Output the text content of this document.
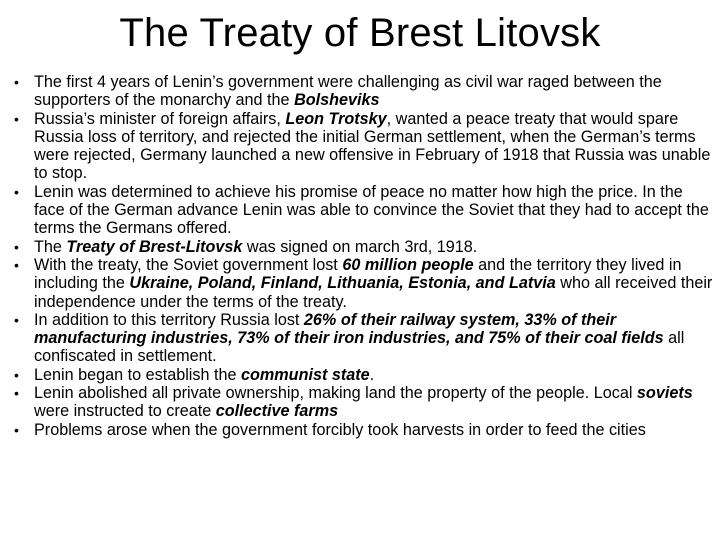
The Treaty of Brest Litovsk
• The first 4 years of Lenin’s government were challenging as civil war raged between the supporters of the monarchy and the Bolsheviks
• Russia’s minister of foreign affairs, Leon Trotsky, wanted a peace treaty that would spare Russia loss of territory, and rejected the initial German settlement, when the German’s terms were rejected, Germany launched a new offensive in February of 1918 that Russia was unable to stop.
• Lenin was determined to achieve his promise of peace no matter how high the price. In the face of the German advance Lenin was able to convince the Soviet that they had to accept the terms the Germans offered.
• The Treaty of Brest-Litovsk was signed on march 3rd, 1918.
• With the treaty, the Soviet government lost 60 million people and the territory they lived in including the Ukraine, Poland, Finland, Lithuania, Estonia, and Latvia who all received their independence under the terms of the treaty.
• In addition to this territory Russia lost 26% of their railway system, 33% of their manufacturing industries, 73% of their iron industries, and 75% of their coal fields all confiscated in settlement.
• Lenin began to establish the communist state.
• Lenin abolished all private ownership, making land the property of the people. Local soviets were instructed to create collective farms
• Problems arose when the government forcibly took harvests in order to feed the cities
